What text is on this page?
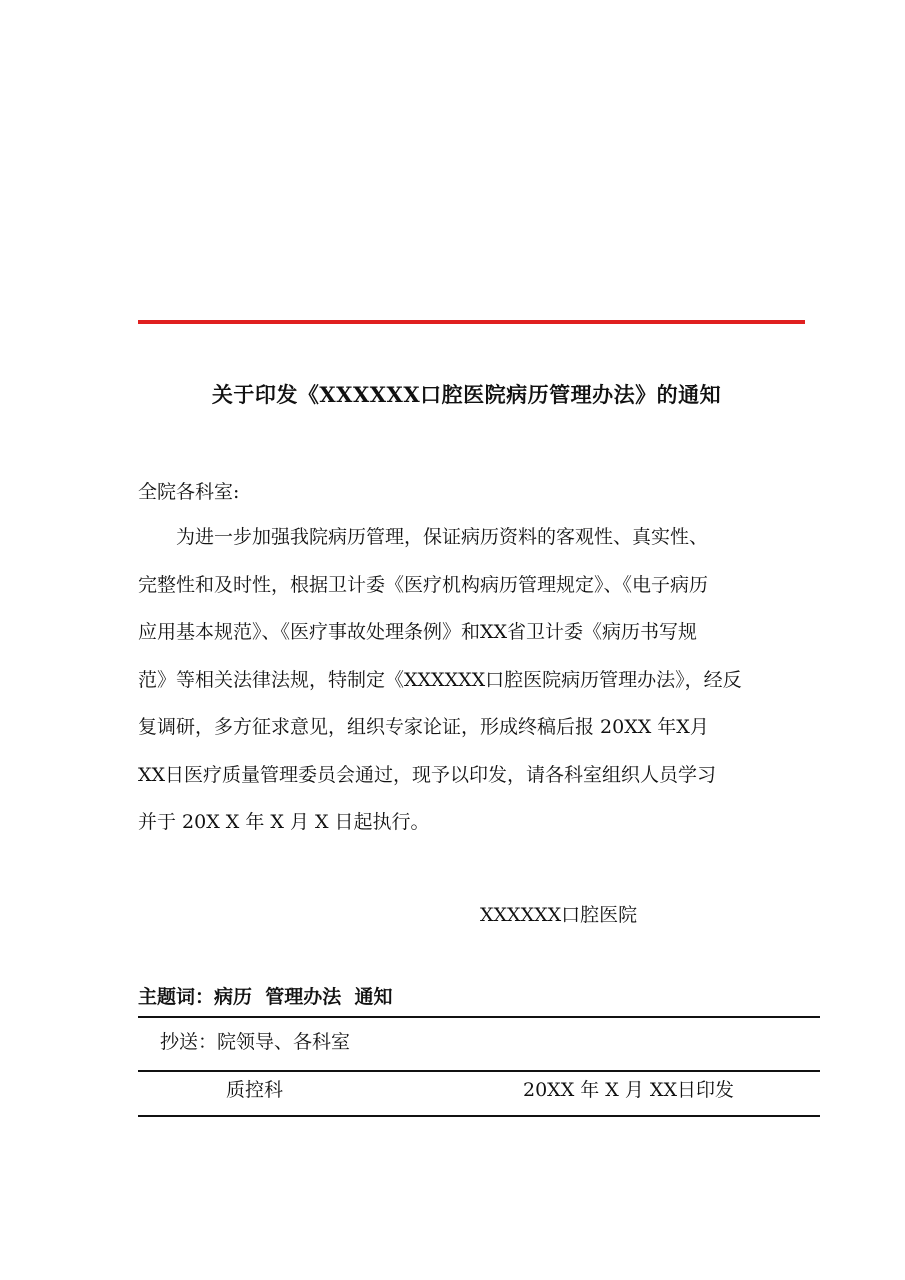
关于印发《XXXXXX口腔医院病历管理办法》的通知
全院各科室:
　　为进一步加强我院病历管理，保证病历资料的客观性、真实性、
完整性和及时性，根据卫计委《医疗机构病历管理规定》、《电子病历
应用基本规范》、《医疗事故处理条例》和XX省卫计委《病历书写规
范》等相关法律法规，特制定《XXXXXX口腔医院病历管理办法》，经反
复调研，多方征求意见，组织专家论证，形成终稿后报 20XX 年X月
XX日医疗质量管理委员会通过，现予以印发，请各科室组织人员学习
并于 20X X 年 X 月 X 日起执行。
XXXXXX口腔医院
主题词：病历  管理办法  通知
抄送：院领导、各科室
质控科	20XX 年 X 月 XX日印发
